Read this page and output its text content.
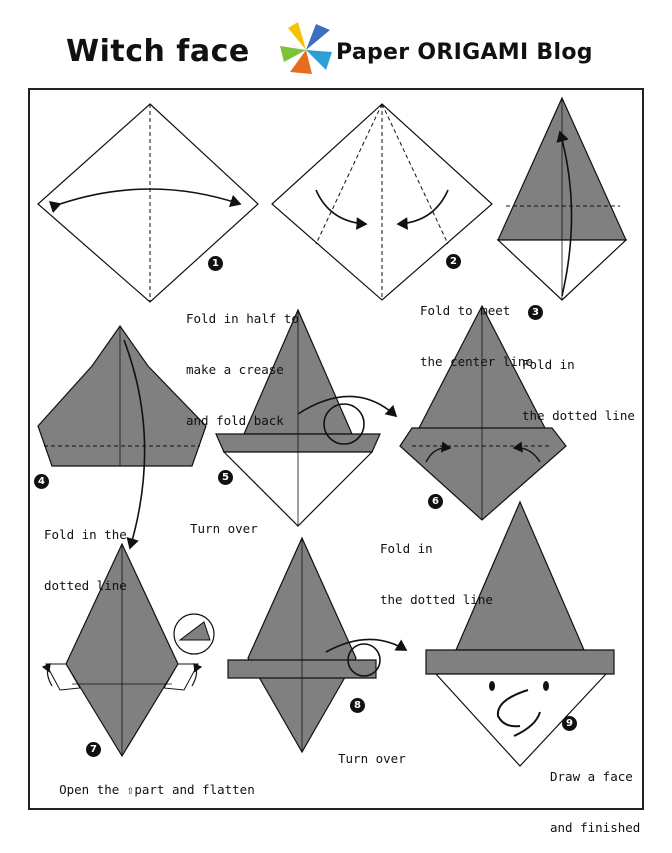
Witch face	Paper ORIGAMI Blog
1	2
3
4	5
6
7
8
9

Fold in half to

make a crease

and fold back

Fold to meet

the center line

Fold in

the dotted line

Fold in the

dotted line

Turn over

Fold in

the dotted line

Open the ⇧part and flatten

Turn over

Draw a face

and finished
